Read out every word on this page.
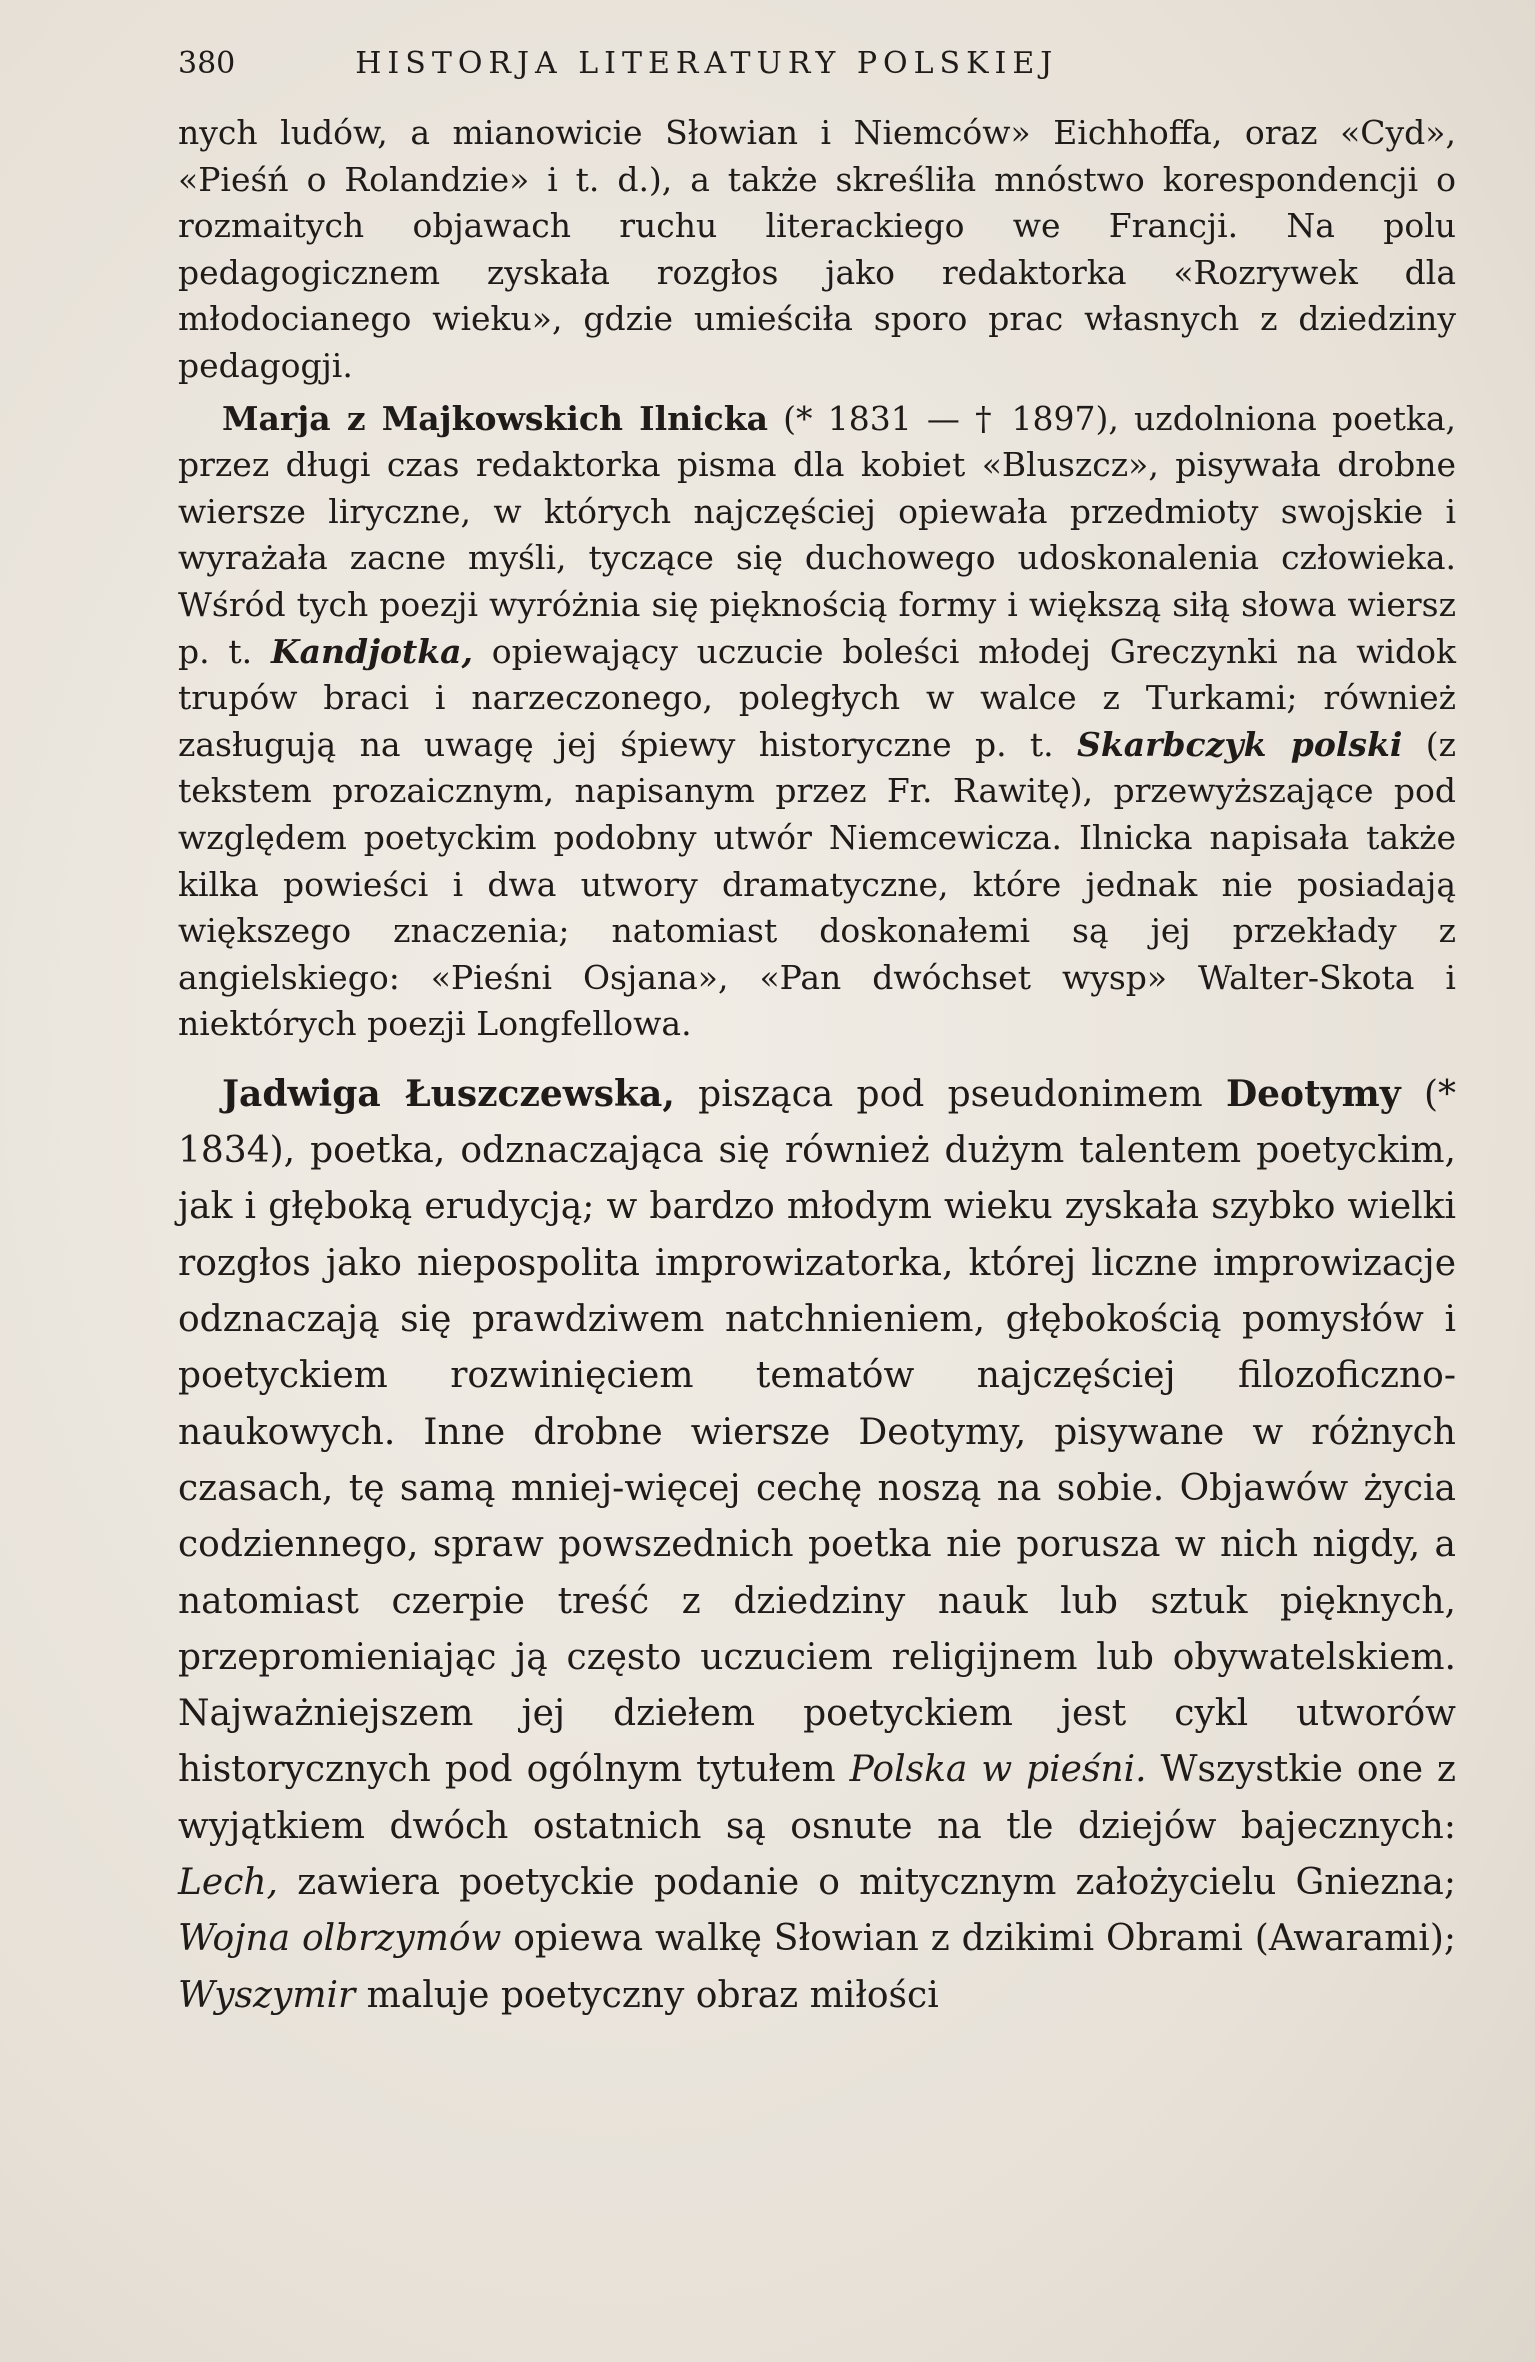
380	HISTORJA LITERATURY POLSKIEJ

nych ludów, a mianowicie Słowian i Niemców» Eichhoffa, oraz «Cyd», «Pieśń o Rolandzie» i t. d.), a także skreśliła mnóstwo korespondencji o rozmaitych objawach ruchu literackiego we Francji. Na polu pedagogicznem zyskała rozgłos jako redaktorka «Rozrywek dla młodocianego wieku», gdzie umieściła sporo prac własnych z dziedziny pedagogji.

Marja z Majkowskich Ilnicka (* 1831 — † 1897), uzdolniona poetka, przez długi czas redaktorka pisma dla kobiet «Bluszcz», pisywała drobne wiersze liryczne, w których najczęściej opiewała przedmioty swojskie i wyrażała zacne myśli, tyczące się duchowego udoskonalenia człowieka. Wśród tych poezji wyróżnia się pięknością formy i większą siłą słowa wiersz p. t. Kandjotka, opiewający uczucie boleści młodej Greczynki na widok trupów braci i narzeczonego, poległych w walce z Turkami; również zasługują na uwagę jej śpiewy historyczne p. t. Skarbczyk polski (z tekstem prozaicznym, napisanym przez Fr. Rawitę), przewyższające pod względem poetyckim podobny utwór Niemcewicza. Ilnicka napisała także kilka powieści i dwa utwory dramatyczne, które jednak nie posiadają większego znaczenia; natomiast doskonałemi są jej przekłady z angielskiego: «Pieśni Osjana», «Pan dwóchset wysp» Walter-Skota i niektórych poezji Longfellowa.

Jadwiga Łuszczewska, pisząca pod pseudonimem Deotymy (* 1834), poetka, odznaczająca się również dużym talentem poetyckim, jak i głęboką erudycją; w bardzo młodym wieku zyskała szybko wielki rozgłos jako niepospolita improwizatorka, której liczne improwizacje odznaczają się prawdziwem natchnieniem, głębokością pomysłów i poetyckiem rozwinięciem tematów najczęściej filozoficzno-naukowych. Inne drobne wiersze Deotymy, pisywane w różnych czasach, tę samą mniej-więcej cechę noszą na sobie. Objawów życia codziennego, spraw powszednich poetka nie porusza w nich nigdy, a natomiast czerpie treść z dziedziny nauk lub sztuk pięknych, przepromieniając ją często uczuciem religijnem lub obywatelskiem. Najważniejszem jej dziełem poetyckiem jest cykl utworów historycznych pod ogólnym tytułem Polska w pieśni. Wszystkie one z wyjątkiem dwóch ostatnich są osnute na tle dziejów bajecznych: Lech, zawiera poetyckie podanie o mitycznym założycielu Gniezna; Wojna olbrzymów opiewa walkę Słowian z dzikimi Obrami (Awarami); Wyszymir maluje poetyczny obraz miłości
